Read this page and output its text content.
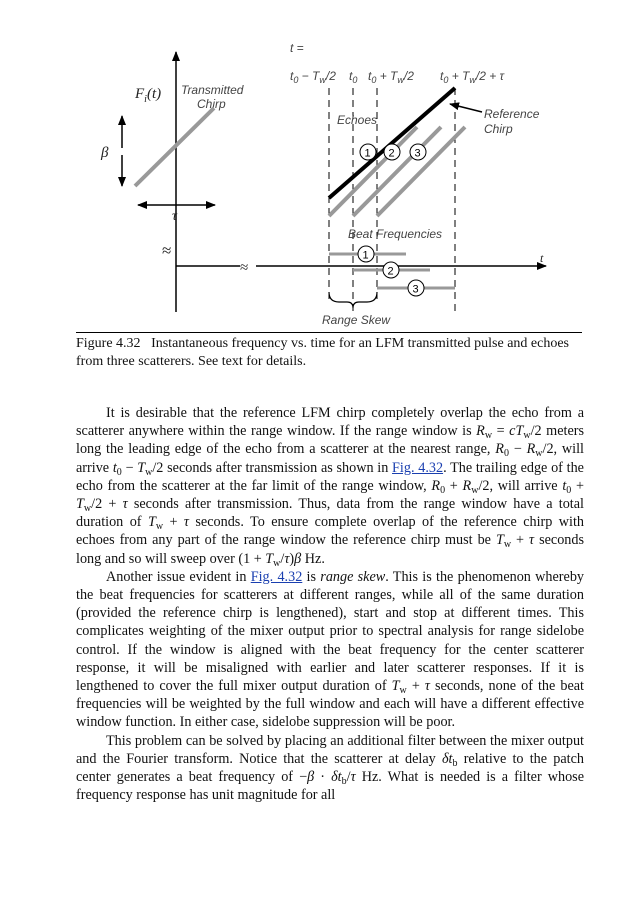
≈
≈
$F_i(t)$ Transmitted
Chirp
β
τ
t =
$t_0 - T_w/2$ $t_0$ $t_0 + T_w/2$ $t_0 + T_w/2 + \tau$
Echoes	Reference
Chirp
1 2 3
Beat Frequencies
1
2
3
t
Range Skew
Figure 4.32 Instantaneous frequency vs. time for an LFM transmitted pulse and echoes from three scatterers. See text for details.

It is desirable that the reference LFM chirp completely overlap the echo from a scatterer anywhere within the range window. If the range window is $R_w = cT_w/2$ meters long the leading edge of the echo from a scatterer at the nearest range, $R_0 - R_w/2$, will arrive $t_0 - T_w/2$ seconds after transmission as shown in Fig. 4.32. The trailing edge of the echo from the scatterer at the far limit of the range window, $R_0 + R_w/2$, will arrive $t_0 + T_w/2 + \tau$ seconds after transmission. Thus, data from the range window have a total duration of $T_w + \tau$ seconds. To ensure complete overlap of the reference chirp with echoes from any part of the range window the reference chirp must be $T_w + \tau$ seconds long and so will sweep over $(1 + T_w/\tau)\beta$ Hz.

Another issue evident in Fig. 4.32 is range skew. This is the phenomenon whereby the beat frequencies for scatterers at different ranges, while all of the same duration (provided the reference chirp is lengthened), start and stop at different times. This complicates weighting of the mixer output prior to spectral analysis for range sidelobe control. If the window is aligned with the beat frequency for the center scatterer response, it will be misaligned with earlier and later scatterer responses. If it is lengthened to cover the full mixer output duration of $T_w + \tau$ seconds, none of the beat frequencies will be weighted by the full window and each will have a different effective window function. In either case, sidelobe suppression will be poor.

This problem can be solved by placing an additional filter between the mixer output and the Fourier transform. Notice that the scatterer at delay $\delta t_b$ relative to the patch center generates a beat frequency of $-\beta \cdot \delta t_b/\tau$ Hz. What is needed is a filter whose frequency response has unit magnitude for all
